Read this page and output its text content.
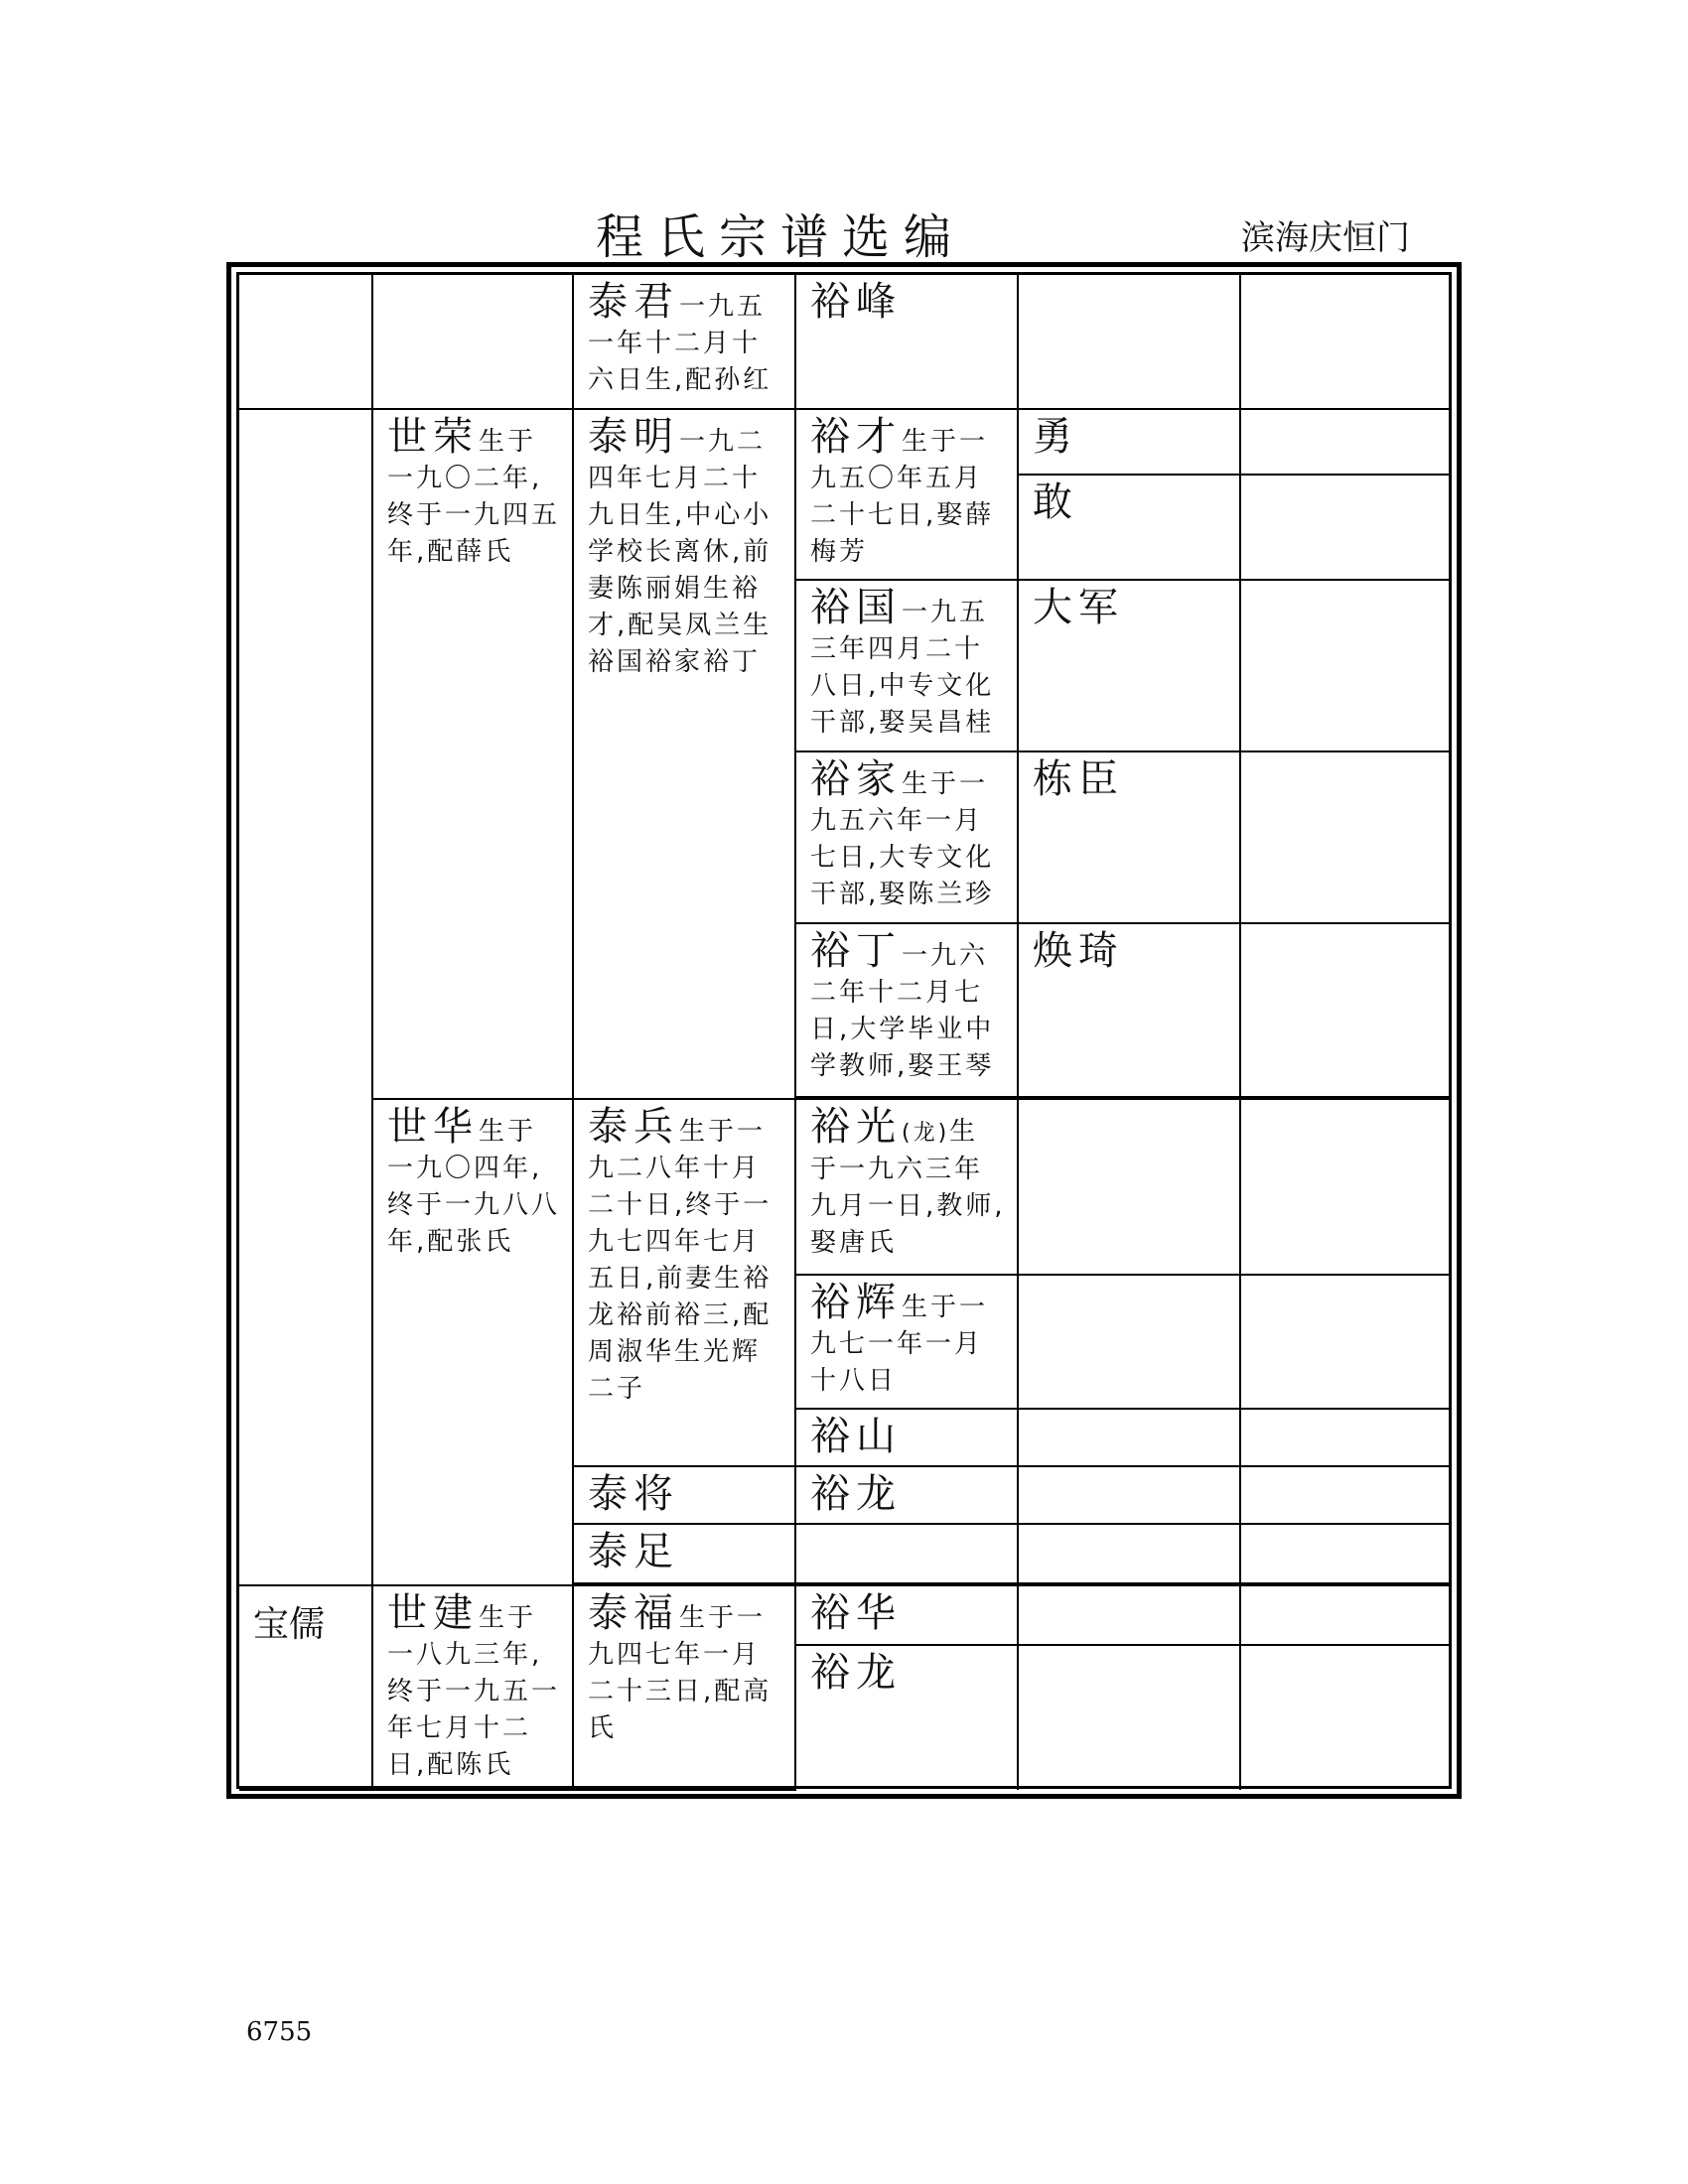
程氏宗谱选编	滨海庆恒门
		泰君一九五一年十二月十六日生,配孙红	裕峰		
	世荣生于一九〇二年,终于一九四五年,配薛氏	泰明一九二四年七月二十九日生,中心小学校长离休,前妻陈丽娟生裕才,配吴凤兰生裕国裕家裕丁	裕才生于一九五〇年五月二十七日,娶薛梅芳	勇	
				敢	
			裕国一九五三年四月二十八日,中专文化干部,娶吴昌桂	大军	
			裕家生于一九五六年一月七日,大专文化干部,娶陈兰珍	栋臣	
			裕丁一九六二年十二月七日,大学毕业中学教师,娶王琴	焕琦	

	世华生于一九〇四年,终于一九八八年,配张氏	泰兵生于一九二八年十月二十日,终于一九七四年七月五日,前妻生裕龙裕前裕三,配周淑华生光辉二子	裕光(龙)生于一九六三年九月一日,教师,娶唐氏		
			裕辉生于一九七一年一月十八日		
			裕山		
		泰将	裕龙		
		泰足			

宝儒	世建生于一八九三年,终于一九五一年七月十二日,配陈氏	泰福生于一九四七年一月二十三日,配高氏	裕华		
			裕龙		
6755
